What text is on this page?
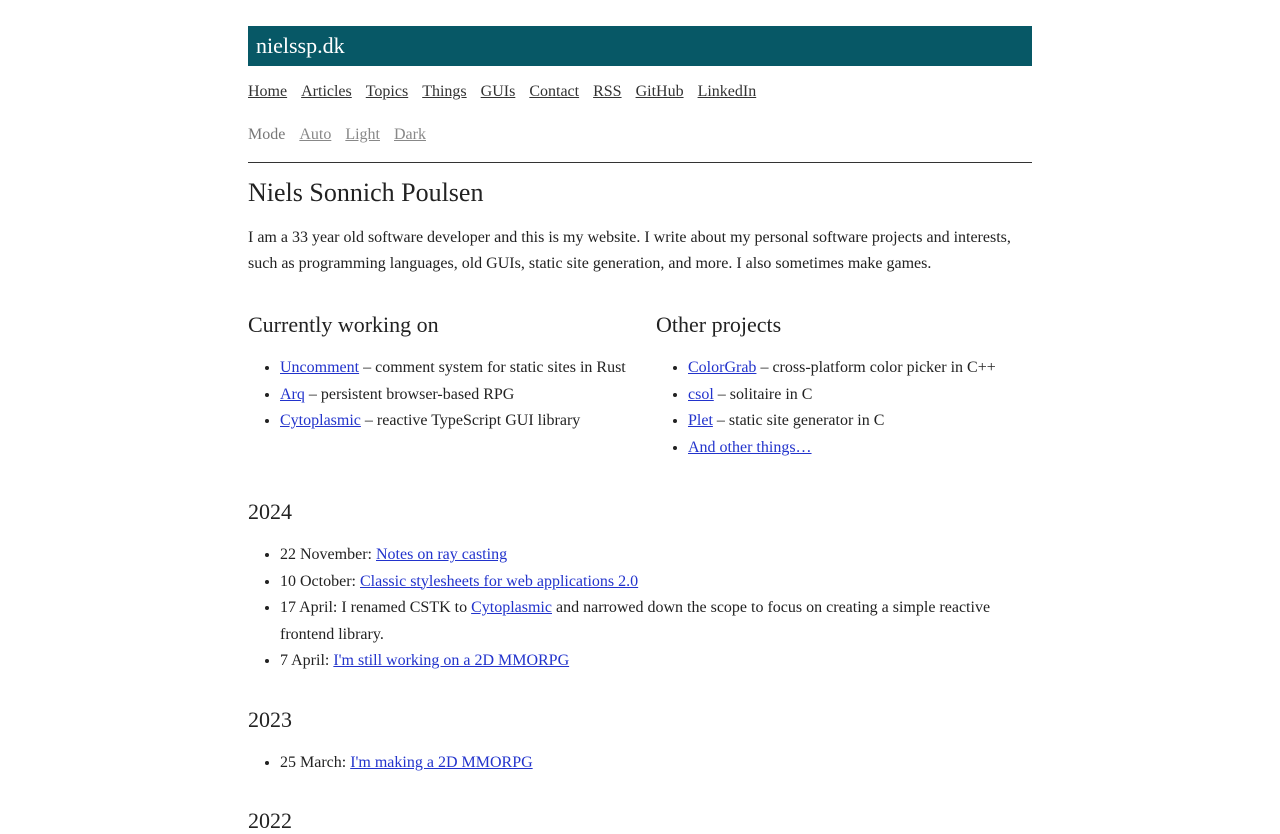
nielssp.dk
Home Articles Topics Things GUIs Contact RSS GitHub LinkedIn
Mode Auto Light Dark
Niels Sonnich Poulsen

I am a 33 year old software developer and this is my website. I write about my personal software projects and interests, such as programming languages, old GUIs, static site generation, and more. I also sometimes make games.

Currently working on
• Uncomment – comment system for static sites in Rust
• Arq – persistent browser-based RPG
• Cytoplasmic – reactive TypeScript GUI library
Other projects
• ColorGrab – cross-platform color picker in C++
• csol – solitaire in C
• Plet – static site generator in C
• And other things…
2024
• 22 November: Notes on ray casting
• 10 October: Classic stylesheets for web applications 2.0
• 17 April: I renamed CSTK to Cytoplasmic and narrowed down the scope to focus on creating a simple reactive frontend library.
• 7 April: I'm still working on a 2D MMORPG
2023
• 25 March: I'm making a 2D MMORPG
2022
